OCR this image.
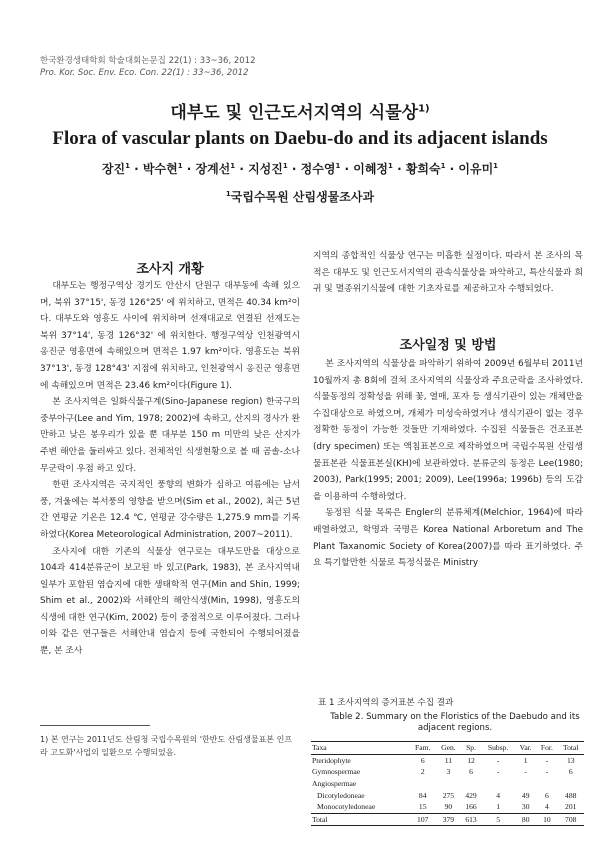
한국환경생태학회 학술대회논문집 22(1) : 33~36, 2012
Pro. Kor. Soc. Env. Eco. Con. 22(1) : 33~36, 2012
대부도 및 인근도서지역의 식물상$^{1)}$
Flora of vascular plants on Daebu-do and its adjacent islands
장진$^1$ · 박수현$^1$ · 장계선$^1$ · 지성진$^1$ · 정수영$^1$ · 이혜정$^1$ · 황희숙$^1$ · 이유미$^1$
$^1$국립수목원 산림생물조사과
조사지 개황

대부도는 행정구역상 경기도 안산시 단원구 대부동에 속해 있으며, 북위 37°15', 동경 126°25' 에 위치하고, 면적은 40.34 km²이다. 대부도와 영흥도 사이에 위치하며 선재대교로 연결된 선재도는 북위 37°14', 동경 126°32' 에 위치한다. 행정구역상 인천광역시 옹진군 영흥면에 속해있으며 면적은 1.97 km²이다. 영흥도는 북위 37°13', 동경 128°43' 지점에 위치하고, 인천광역시 옹진군 영흥면에 속해있으며 면적은 23.46 km²이다(Figure 1).

본 조사지역은 일화식물구계(Sino-Japanese region) 한국구의 중부아구(Lee and Yim, 1978; 2002)에 속하고, 산지의 경사가 완만하고 낮은 봉우리가 있을 뿐 대부분 150 m 미만의 낮은 산지가 주변 해안을 둘러싸고 있다. 전체적인 식생현황으로 볼 때 곰솔-소나무군락이 우점 하고 있다.

한편 조사지역은 국지적인 풍향의 변화가 심하고 여름에는 남서풍, 겨울에는 북서풍의 영향을 받으며(Sim et al., 2002), 최근 5년간 연평균 기온은 12.4 ℃, 연평균 강수량은 1,275.9 mm를 기록하였다(Korea Meteorological Administration, 2007~2011).

조사지에 대한 기존의 식물상 연구로는 대부도만을 대상으로 104과 414분류군이 보고된 바 있고(Park, 1983), 본 조사지역내 일부가 포함된 염습지에 대한 생태학적 연구(Min and Shin, 1999; Shim et al., 2002)와 서해안의 해안식생(Min, 1998), 영흥도의 식생에 대한 연구(Kim, 2002) 등이 중점적으로 이루어졌다. 그러나 이와 같은 연구들은 서해안내 염습지 등에 국한되어 수행되어졌을 뿐, 본 조사

1) 본 연구는 2011년도 산림청 국립수목원의 '한반도 산림생물표본 인프라 고도화'사업의 일환으로 수행되었음.

지역의 종합적인 식물상 연구는 미흡한 실정이다. 따라서 본 조사의 목적은 대부도 및 인근도서지역의 관속식물상을 파악하고, 특산식물과 희귀 및 멸종위기식물에 대한 기초자료를 제공하고자 수행되었다.

조사일정 및 방법

본 조사지역의 식물상을 파악하기 위하여 2009년 6월부터 2011년 10월까지 총 8회에 걸쳐 조사지역의 식물상과 주요군락을 조사하였다. 식물동정의 정확성을 위해 꽃, 열매, 포자 등 생식기관이 있는 개체만을 수집대상으로 하였으며, 개체가 미성숙하였거나 생식기관이 없는 경우 정확한 동정이 가능한 것들만 기재하였다. 수집된 식물들은 건조표본(dry specimen) 또는 액침표본으로 제작하였으며 국립수목원 산림생물표본관 식물표본실(KH)에 보관하였다. 분류군의 동정은 Lee(1980; 2003), Park(1995; 2001; 2009), Lee(1996a; 1996b) 등의 도감을 이용하여 수행하였다.

동정된 식물 목록은 Engler의 분류체계(Melchior, 1964)에 따라 배열하였고, 학명과 국명은 Korea National Arboretum and The Plant Taxanomic Society of Korea(2007)를 따라 표기하였다. 주요 특기할만한 식물로 특정식물은 Ministry

표 1 조사지역의 증거표본 수집 결과
Table 2. Summary on the Floristics of the Daebudo and its adjacent regions.
Taxa	Fam.	Gen.	Sp.	Subsp.	Var.	For.	Total
Pteridophyte	6	11	12	-	1	-	13
Gymnospermae	2	3	6	-	-	-	6
Angiospermae							
Dicotyledoneae	84	275	429	4	49	6	488
Monocotyledoneae	15	90	166	1	30	4	201
Total	107	379	613	5	80	10	708
